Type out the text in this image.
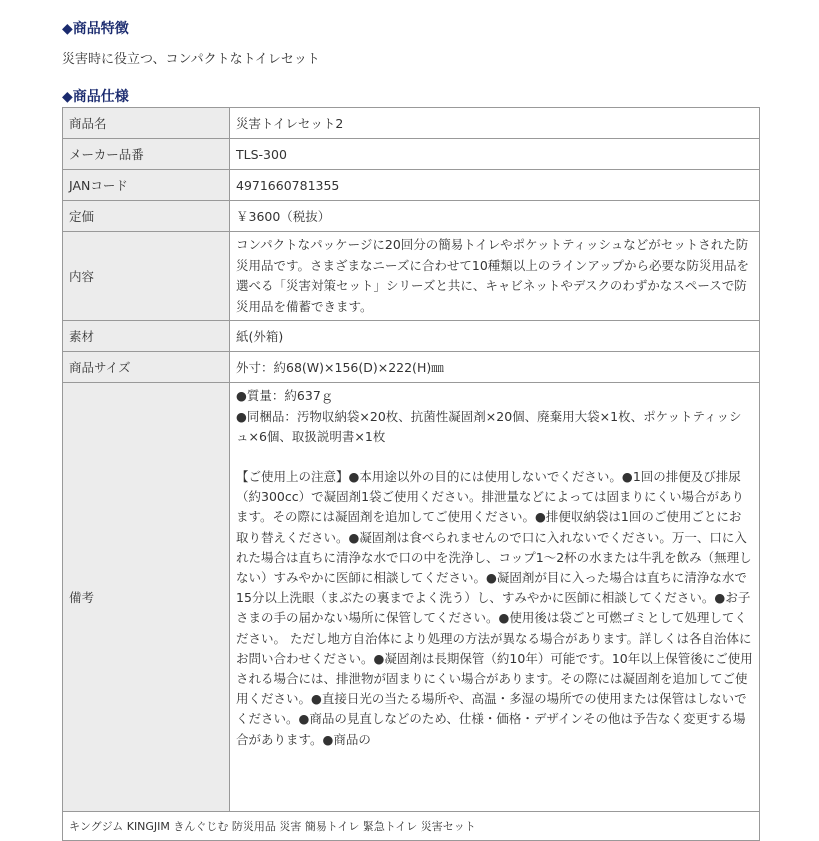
◆商品特徴
災害時に役立つ、コンパクトなトイレセット
◆商品仕様
商品名	災害トイレセット2
メーカー品番	TLS-300
JANコード	4971660781355
定価	￥3600（税抜）
内容	コンパクトなパッケージに20回分の簡易トイレやポケットティッシュなどがセットされた防災用品です。さまざまなニーズに合わせて10種類以上のラインアップから必要な防災用品を選べる「災害対策セット」シリーズと共に、キャビネットやデスクのわずかなスペースで防災用品を備蓄できます。
素材	紙(外箱)
商品サイズ	外寸：約68(W)×156(D)×222(H)㎜
備考	●質量：約637ｇ

●同梱品：汚物収納袋×20枚、抗菌性凝固剤×20個、廃棄用大袋×1枚、ポケットティッシュ×6個、取扱説明書×1枚

【ご使用上の注意】●本用途以外の目的には使用しないでください。●1回の排便及び排尿（約300cc）で凝固剤1袋ご使用ください。排泄量などによっては固まりにくい場合があります。その際には凝固剤を追加してご使用ください。●排便収納袋は1回のご使用ごとにお取り替えください。●凝固剤は食べられませんので口に入れないでください。万一、口に入れた場合は直ちに清浄な水で口の中を洗浄し、コップ1～2杯の水または牛乳を飲み（無理しない）すみやかに医師に相談してください。●凝固剤が目に入った場合は直ちに清浄な水で15分以上洗眼（まぶたの裏までよく洗う）し、すみやかに医師に相談してください。●お子さまの手の届かない場所に保管してください。●使用後は袋ごと可燃ゴミとして処理してください。 ただし地方自治体により処理の方法が異なる場合があります。詳しくは各自治体にお問い合わせください。●凝固剤は長期保管（約10年）可能です。10年以上保管後にご使用される場合には、排泄物が固まりにくい場合があります。その際には凝固剤を追加してご使用ください。●直接日光の当たる場所や、高温・多湿の場所での使用または保管はしないでください。●商品の見直しなどのため、仕様・価格・デザインその他は予告なく変更する場合があります。●商品の

キングジム KINGJIM きんぐじむ 防災用品 災害 簡易トイレ 緊急トイレ 災害セット	
